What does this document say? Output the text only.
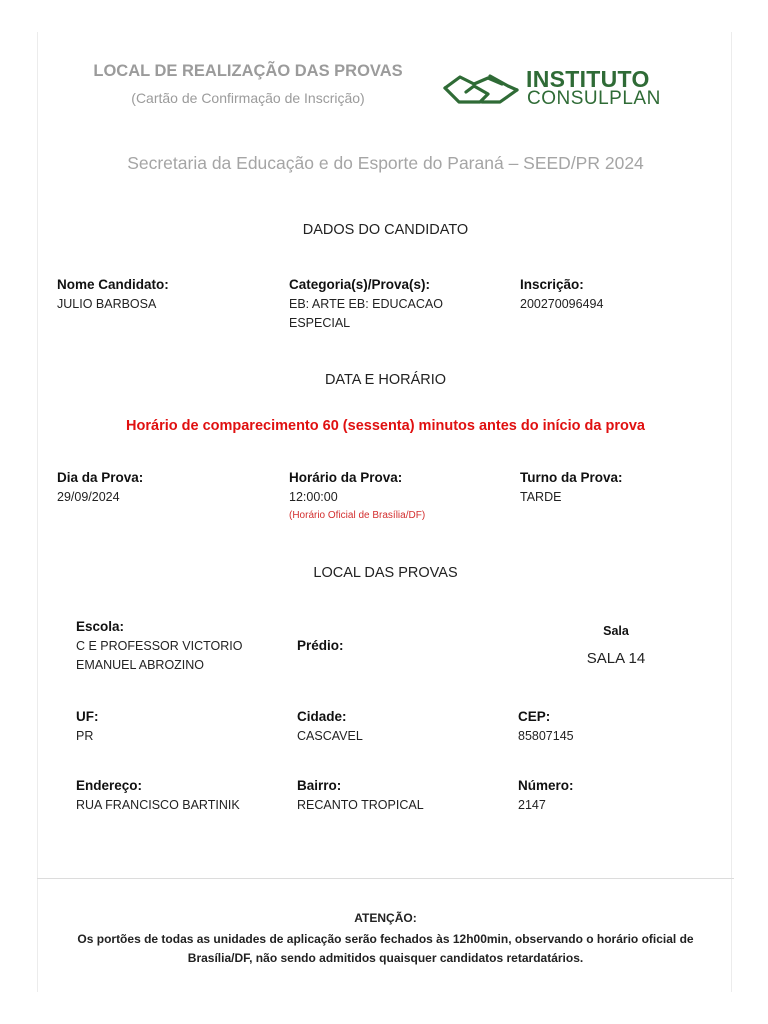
LOCAL DE REALIZAÇÃO DAS PROVAS
(Cartão de Confirmação de Inscrição)
INSTITUTO
CONSULPLAN
Secretaria da Educação e do Esporte do Paraná – SEED/PR 2024
DADOS DO CANDIDATO
Nome Candidato:
JULIO BARBOSA
Categoria(s)/Prova(s):
EB: ARTE EB: EDUCACAO
ESPECIAL
Inscrição:
200270096494
DATA E HORÁRIO
Horário de comparecimento 60 (sessenta) minutos antes do início da prova
Dia da Prova:
29/09/2024
Horário da Prova:
12:00:00
(Horário Oficial de Brasília/DF)
Turno da Prova:
TARDE
LOCAL DAS PROVAS
Escola:
C E PROFESSOR VICTORIO
EMANUEL ABROZINO
Prédio:
Sala
SALA 14
UF:
PR
Cidade:
CASCAVEL
CEP:
85807145
Endereço:
RUA FRANCISCO BARTINIK
Bairro:
RECANTO TROPICAL
Número:
2147
ATENÇÃO:
Os portões de todas as unidades de aplicação serão fechados às 12h00min, observando o horário oficial de Brasília/DF, não sendo admitidos quaisquer candidatos retardatários.
